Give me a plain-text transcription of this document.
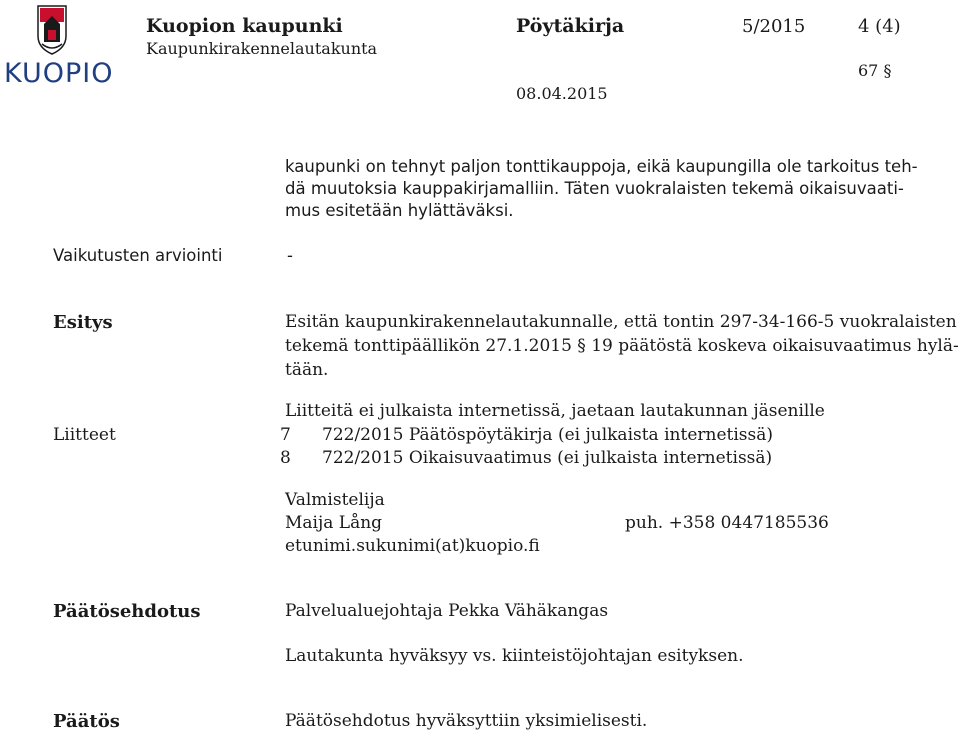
KUOPIO
Kuopion kaupunki
Kaupunkirakennelautakunta
Pöytäkirja	5/2015	4 (4)
67 §
08.04.2015
kaupunki on tehnyt paljon tonttikauppoja, eikä kaupungilla ole tarkoitus teh-
dä muutoksia kauppakirjamalliin. Täten vuokralaisten tekemä oikaisuvaati-
mus esitetään hylättäväksi.
Vaikutusten arviointi	-
Esitys	Esitän kaupunkirakennelautakunnalle, että tontin 297-34-166-5 vuokralaisten
tekemä tonttipäällikön 27.1.2015 § 19 päätöstä koskeva oikaisuvaatimus hylä-
tään.
Liitteitä ei julkaista internetissä, jaetaan lautakunnan jäsenille
Liitteet	7 722/2015 Päätöspöytäkirja (ei julkaista internetissä)
8 722/2015 Oikaisuvaatimus (ei julkaista internetissä)
Valmistelija
Maija Lång	puh. +358 0447185536
etunimi.sukunimi(at)kuopio.fi
Päätösehdotus	Palvelualuejohtaja Pekka Vähäkangas
Lautakunta hyväksyy vs. kiinteistöjohtajan esityksen.
Päätös	Päätösehdotus hyväksyttiin yksimielisesti.
